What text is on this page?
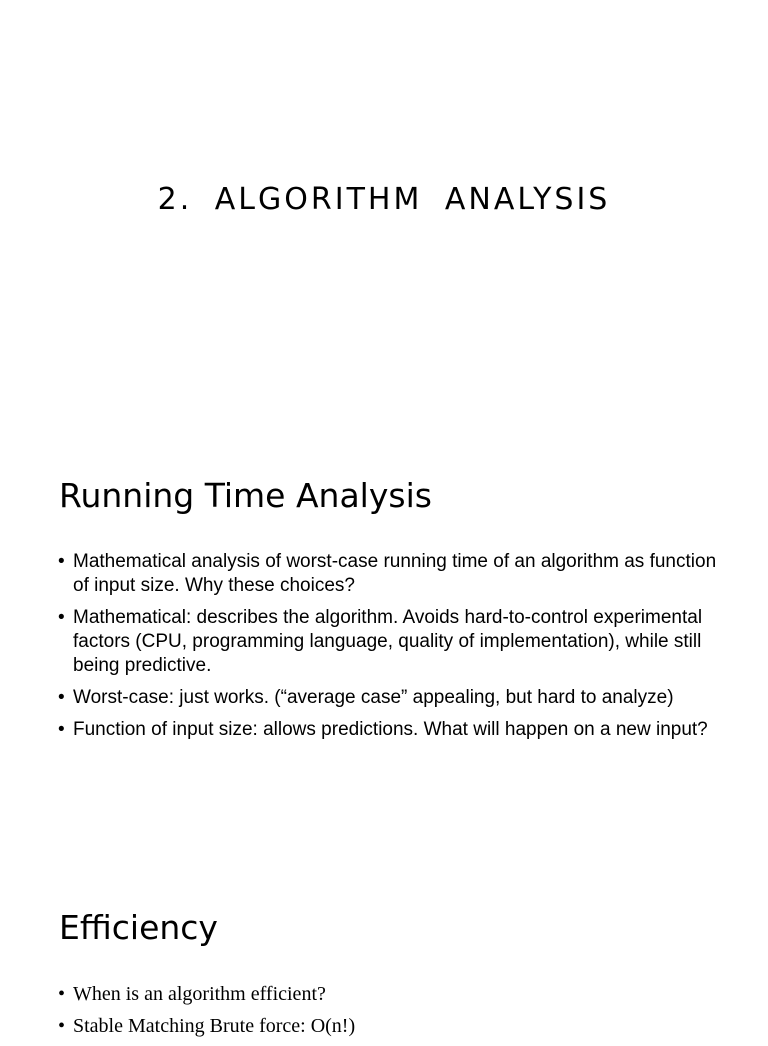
2. ALGORITHM ANALYSIS
Running Time Analysis
• Mathematical analysis of worst-case running time of an algorithm as function of input size. Why these choices?
• Mathematical: describes the algorithm. Avoids hard-to-control experimental factors (CPU, programming language, quality of implementation), while still being predictive.
• Worst-case: just works. (“average case” appealing, but hard to analyze)
• Function of input size: allows predictions. What will happen on a new input?
Efficiency
• When is an algorithm efficient?
• Stable Matching Brute force: O(n!)
